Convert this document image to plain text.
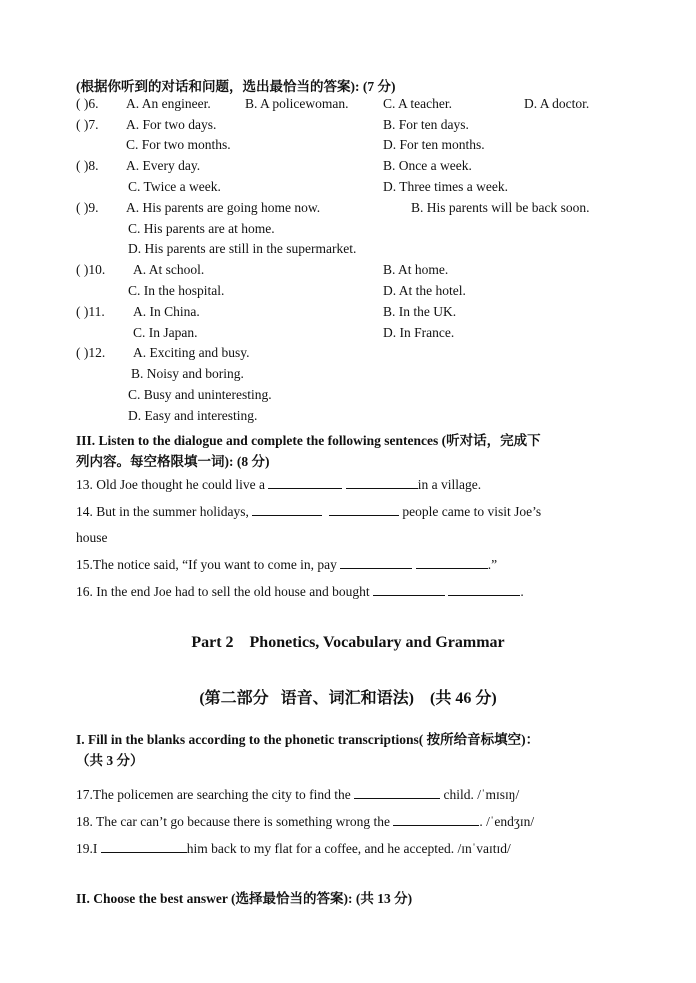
(根据你听到的对话和问题，选出最恰当的答案): (7 分)
( )6. A. An engineer.	B. A policewoman.	C. A teacher.	D. A doctor.
( )7. A. For two days.	B. For ten days.
C. For two months.	D. For ten months.
( )8. A. Every day.	B. Once a week.
C. Twice a week.	D. Three times a week.
( )9. A. His parents are going home now.	B. His parents will be back soon.
C. His parents are at home.
D. His parents are still in the supermarket.
( )10. A. At school.	B. At home.
C. In the hospital.	D. At the hotel.
( )11. A. In China.	B. In the UK.
C. In Japan.	D. In France.
( )12. A. Exciting and busy.
B. Noisy and boring.
C. Busy and uninteresting.
D. Easy and interesting.
III. Listen to the dialogue and complete the following sentences (听对话，完成下
列内容。每空格限填一词): (8 分)
13. Old Joe thought he could live a	in a village.
14. But in the summer holidays,	people came to visit Joe’s
house
15.The notice said, “If you want to come in, pay	.”
16. In the end Joe had to sell the old house and bought	.
Part 2    Phonetics, Vocabulary and Grammar
(第二部分   语音、词汇和语法)    (共 46 分)
I. Fill in the blanks according to the phonetic transcriptions( 按所给音标填空)：
（共 3 分）
17.The policemen are searching the city to find the	child. /ˈmɪsɪŋ/
18. The car can’t go because there is something wrong the	. /ˈendʒɪn/
19.I	him back to my flat for a coffee, and he accepted. /ɪnˈvaɪtɪd/
II. Choose the best answer (选择最恰当的答案): (共 13 分)
